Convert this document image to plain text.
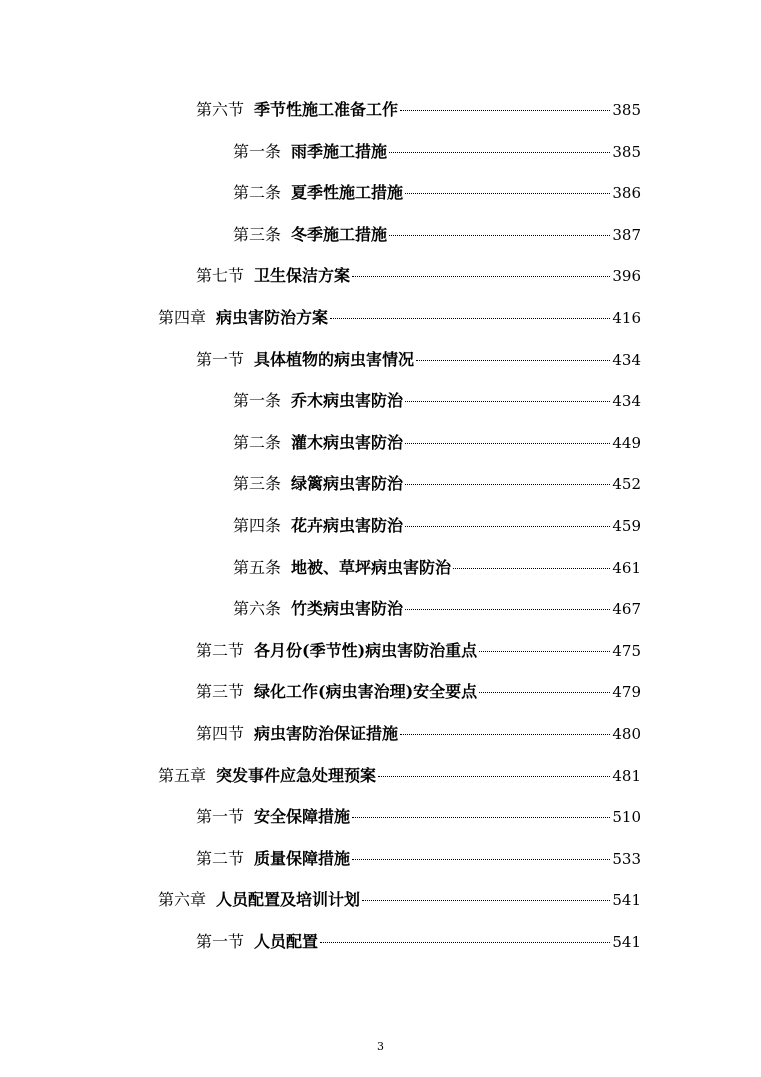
第六节 季节性施工准备工作	385
第一条 雨季施工措施	385
第二条 夏季性施工措施	386
第三条 冬季施工措施	387
第七节 卫生保洁方案	396
第四章 病虫害防治方案	416
第一节 具体植物的病虫害情况	434
第一条 乔木病虫害防治	434
第二条 灌木病虫害防治	449
第三条 绿篱病虫害防治	452
第四条 花卉病虫害防治	459
第五条 地被、草坪病虫害防治	461
第六条 竹类病虫害防治	467
第二节 各月份(季节性)病虫害防治重点	475
第三节 绿化工作(病虫害治理)安全要点	479
第四节 病虫害防治保证措施	480
第五章 突发事件应急处理预案	481
第一节 安全保障措施	510
第二节 质量保障措施	533
第六章 人员配置及培训计划	541
第一节 人员配置	541
3
